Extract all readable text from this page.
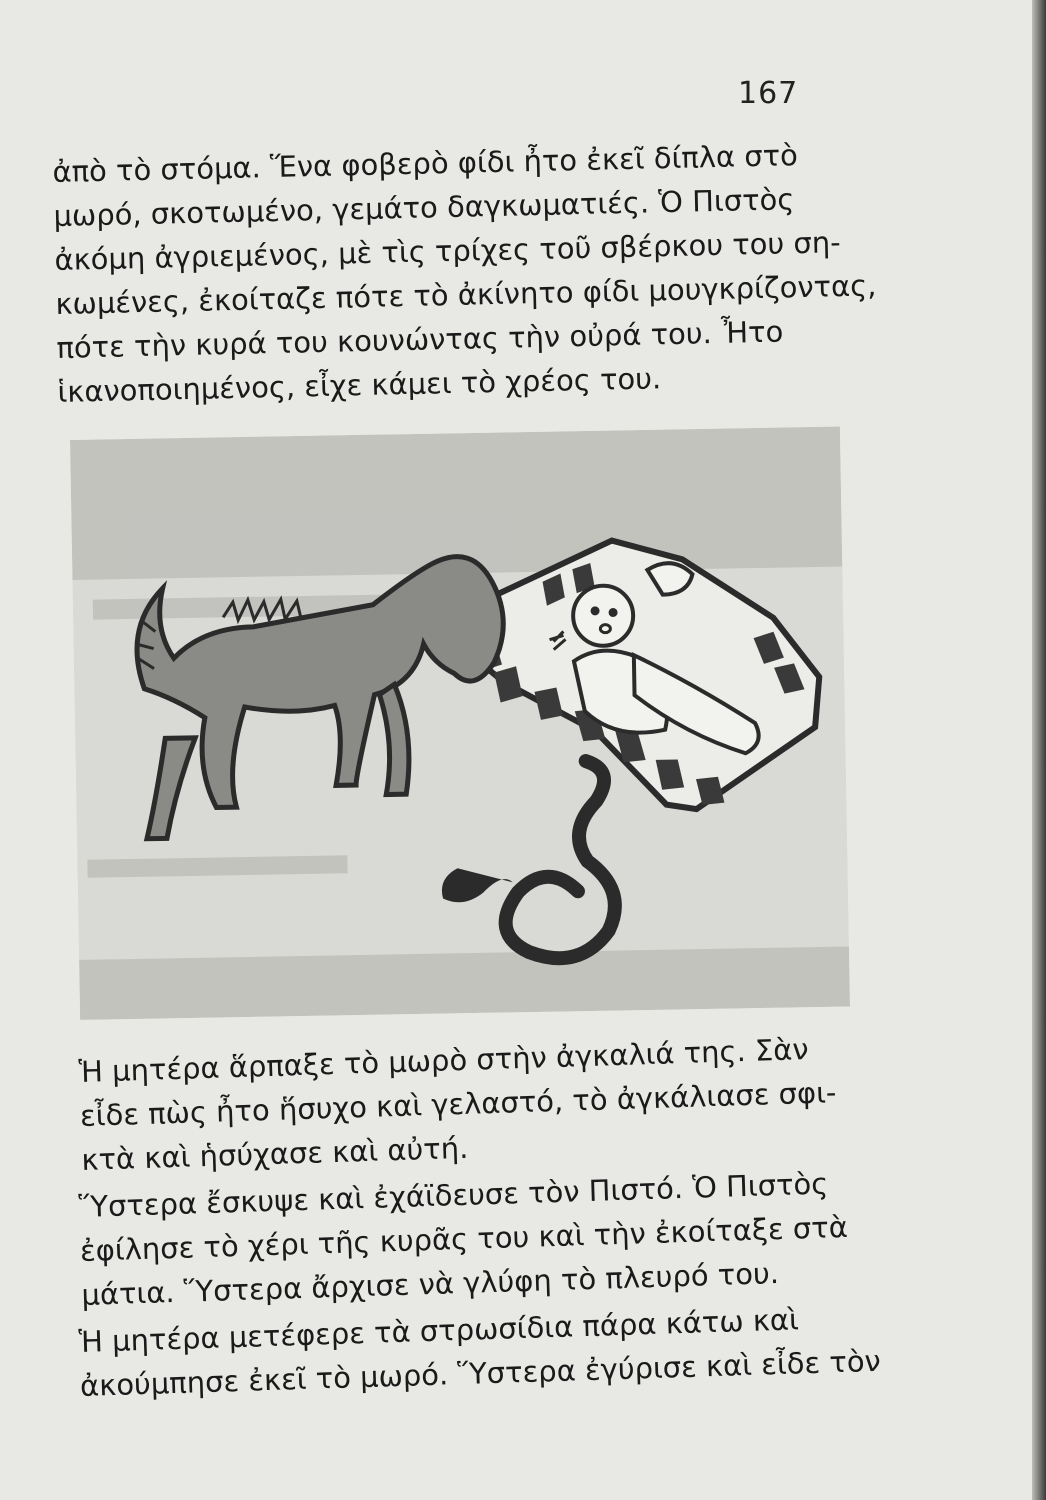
167
ἀπὸ τὸ στόμα. Ἕνα φοβερὸ φίδι ἦτο ἐκεῖ δίπλα στὸ
μωρό, σκοτωμένο, γεμάτο δαγκωματιές. Ὁ Πιστὸς
ἀκόμη ἀγριεμένος, μὲ τὶς τρίχες τοῦ σβέρκου του ση-
κωμένες, ἐκοίταζε πότε τὸ ἀκίνητο φίδι μουγκρίζοντας,
πότε τὴν κυρά του κουνώντας τὴν οὐρά του. Ἦτο
ἱκανοποιημένος, εἶχε κάμει τὸ χρέος του.
Ἡ μητέρα ἅρπαξε τὸ μωρὸ στὴν ἀγκαλιά της. Σὰν
εἶδε πὼς ἦτο ἥσυχο καὶ γελαστό, τὸ ἀγκάλιασε σφι-
κτὰ καὶ ἡσύχασε καὶ αὐτή.
Ὕστερα ἔσκυψε καὶ ἐχάϊδευσε τὸν Πιστό. Ὁ Πιστὸς
ἐφίλησε τὸ χέρι τῆς κυρᾶς του καὶ τὴν ἐκοίταξε στὰ
μάτια. Ὕστερα ἄρχισε νὰ γλύφη τὸ πλευρό του.
Ἡ μητέρα μετέφερε τὰ στρωσίδια πάρα κάτω καὶ
ἀκούμπησε ἐκεῖ τὸ μωρό. Ὕστερα ἐγύρισε καὶ εἶδε τὸν
